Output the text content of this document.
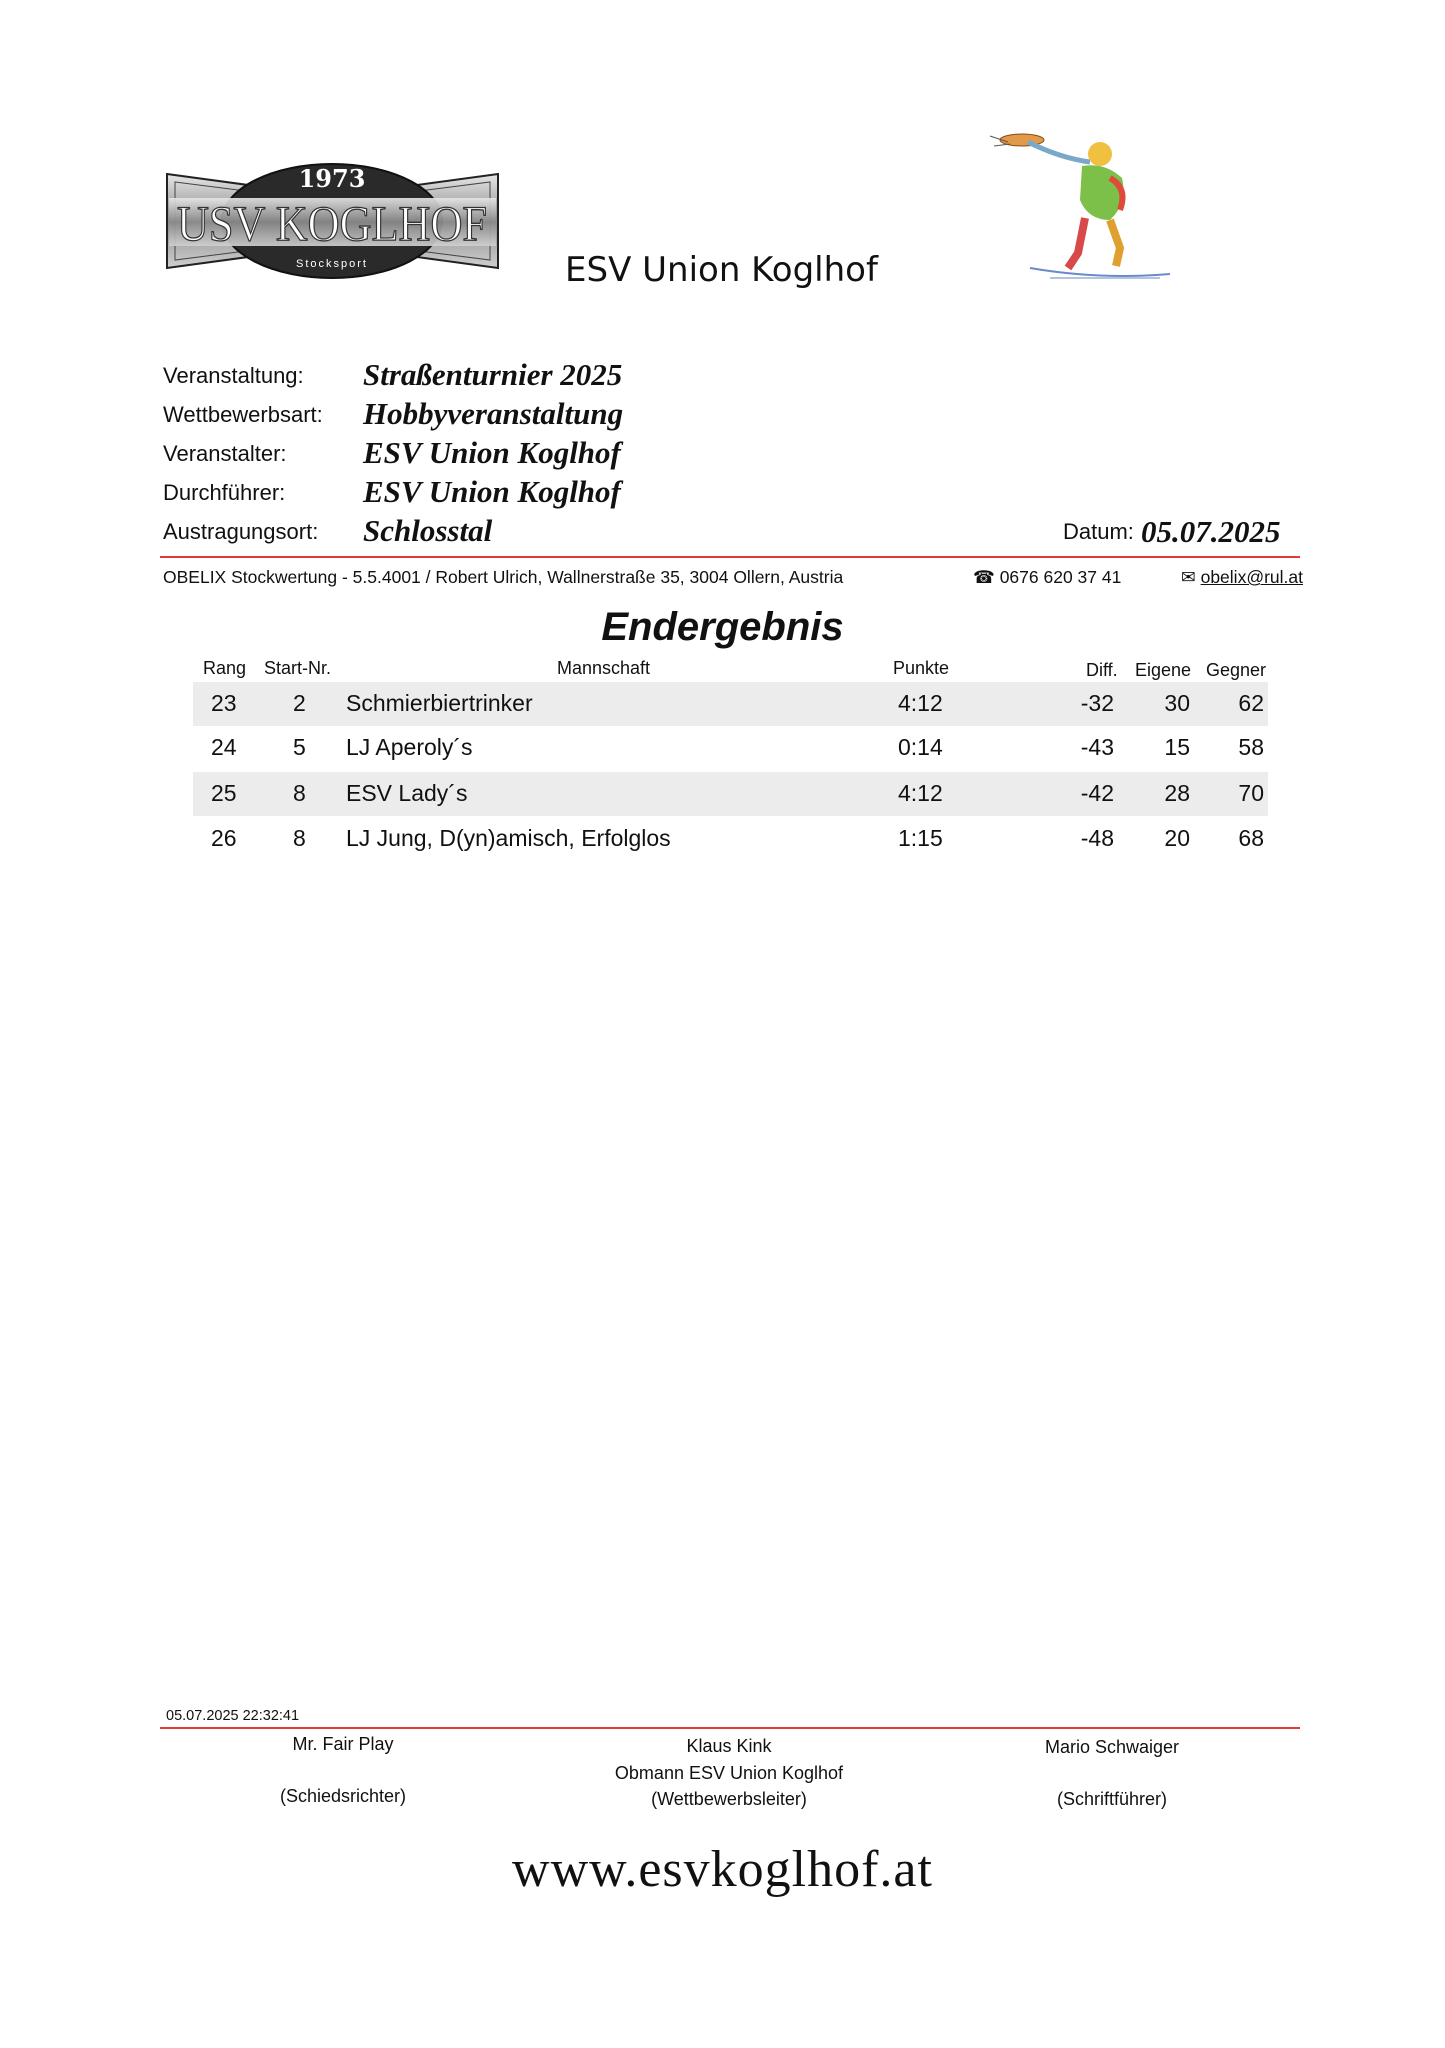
1973
USV KOGLHOF
Stocksport	ESV Union Koglhof
Veranstaltung: Straßenturnier 2025
Wettbewerbsart: Hobbyveranstaltung
Veranstalter: ESV Union Koglhof
Durchführer:	ESV Union Koglhof
Austragungsort: Schlosstal	Datum: 05.07.2025
OBELIX Stockwertung - 5.5.4001 / Robert Ulrich, Wallnerstraße 35, 3004 Ollern, Austria	☎ 0676 620 37 41	✉ obelix@rul.at
Endergebnis
Rang Start-Nr.	Mannschaft	Punkte	Diff. Eigene Gegner
23 2 Schmierbiertrinker	4:12	-32	30	62
24 5 LJ Aperoly´s	0:14	-43	15	58
25 8 ESV Lady´s	4:12	-42	28	70
26 8 LJ Jung, D(yn)amisch, Erfolglos	1:15	-48	20	68
05.07.2025 22:32:41
Mr. Fair Play
(Schiedsrichter)
Klaus Kink
Obmann ESV Union Koglhof
(Wettbewerbsleiter)
Mario Schwaiger
(Schriftführer)
www.esvkoglhof.at
